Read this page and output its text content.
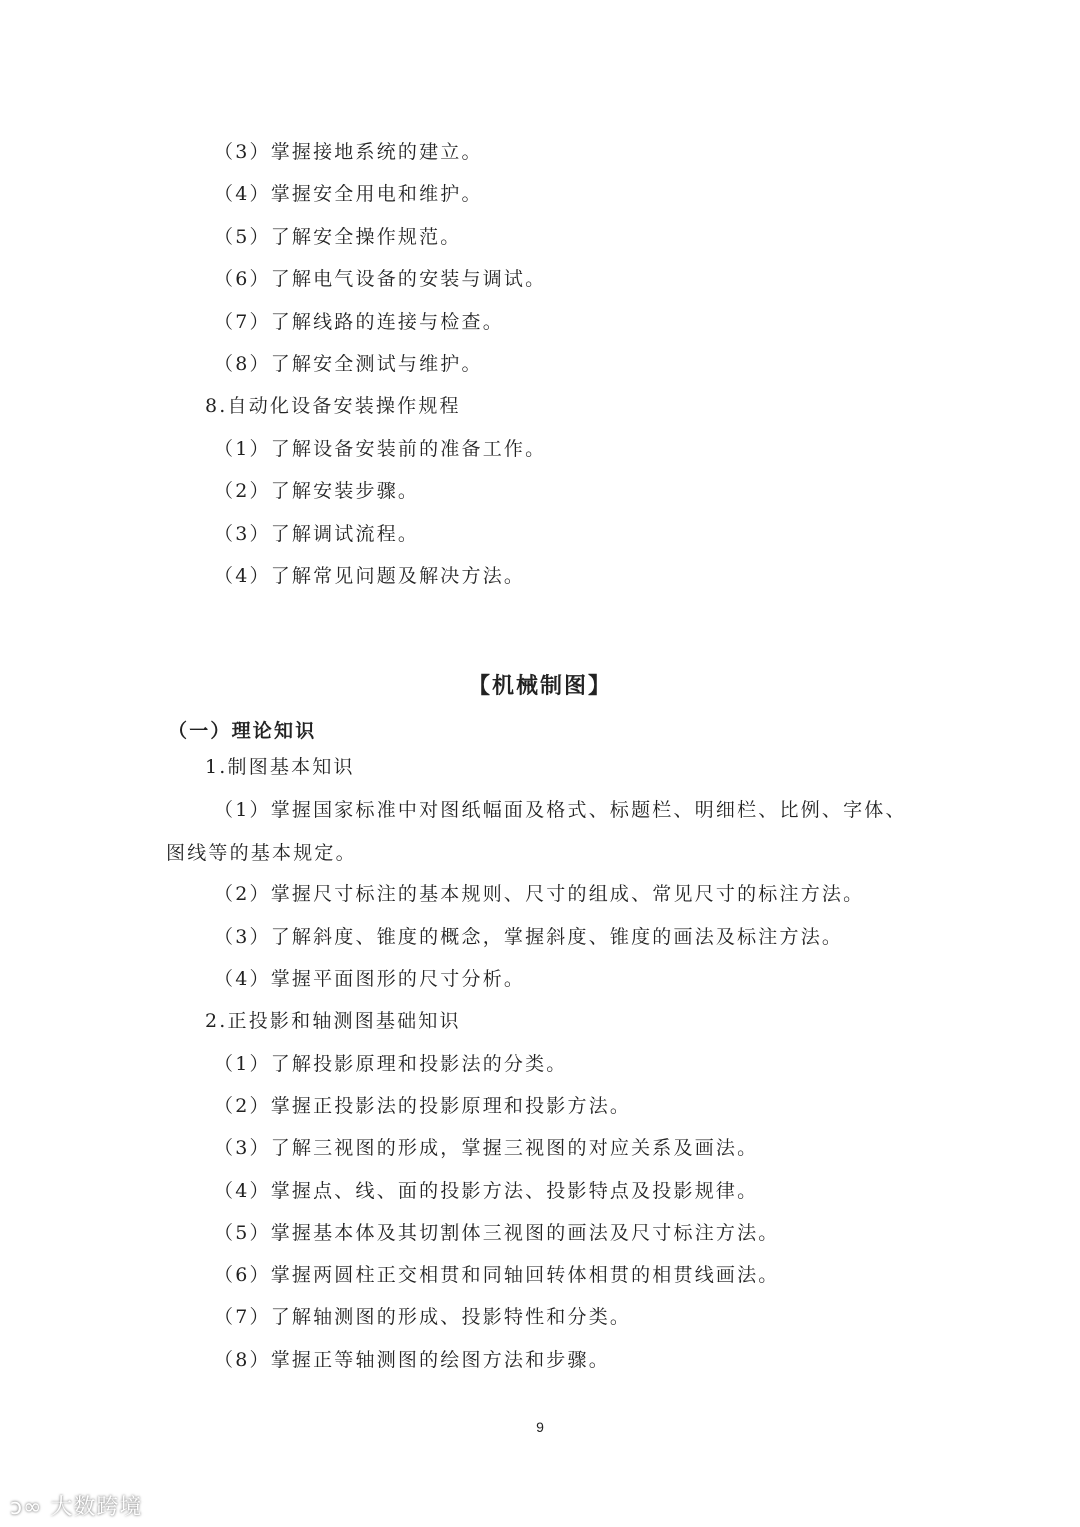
（3）掌握接地系统的建立。
（4）掌握安全用电和维护。
（5）了解安全操作规范。
（6）了解电气设备的安装与调试。
（7）了解线路的连接与检查。
（8）了解安全测试与维护。
8.自动化设备安装操作规程
（1）了解设备安装前的准备工作。
（2）了解安装步骤。
（3）了解调试流程。
（4）了解常见问题及解决方法。
【机械制图】
（一）理论知识
1.制图基本知识
（1）掌握国家标准中对图纸幅面及格式、标题栏、明细栏、比例、字体、图线等的基本规定。
（2）掌握尺寸标注的基本规则、尺寸的组成、常见尺寸的标注方法。
（3）了解斜度、锥度的概念，掌握斜度、锥度的画法及标注方法。
（4）掌握平面图形的尺寸分析。
2.正投影和轴测图基础知识
（1）了解投影原理和投影法的分类。
（2）掌握正投影法的投影原理和投影方法。
（3）了解三视图的形成，掌握三视图的对应关系及画法。
（4）掌握点、线、面的投影方法、投影特点及投影规律。
（5）掌握基本体及其切割体三视图的画法及尺寸标注方法。
（6）掌握两圆柱正交相贯和同轴回转体相贯的相贯线画法。
（7）了解轴测图的形成、投影特性和分类。
（8）掌握正等轴测图的绘图方法和步骤。
9
ↄ∞ 大数跨境
